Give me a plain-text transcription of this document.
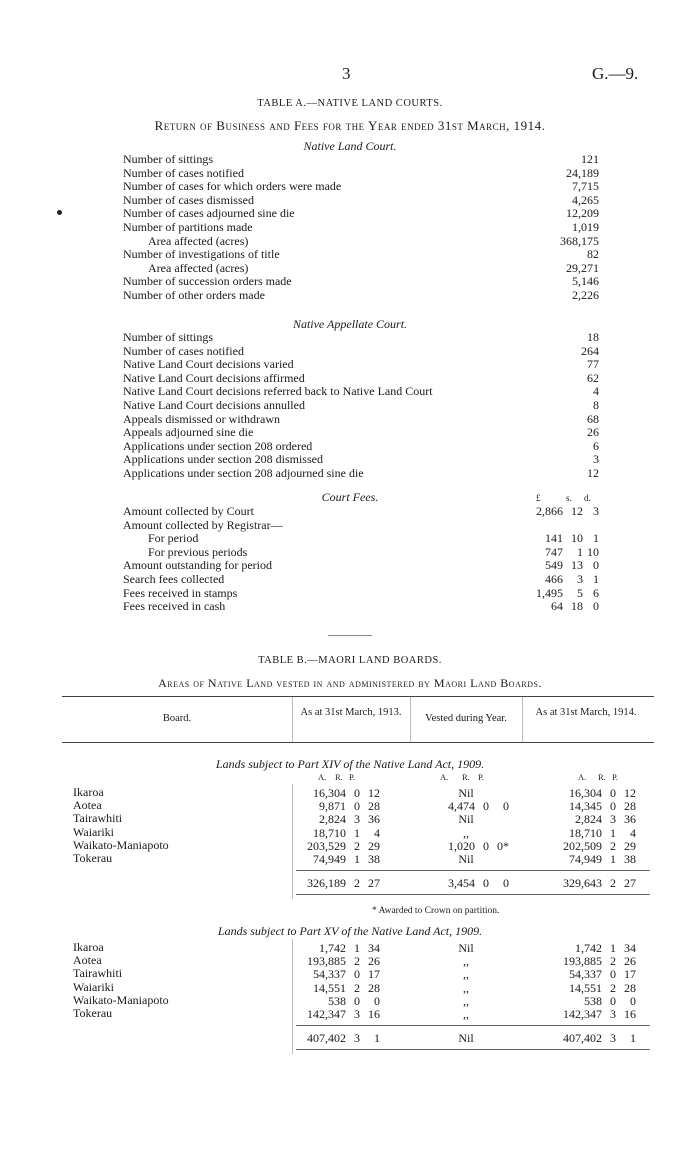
3	G.—9.
TABLE A.—NATIVE LAND COURTS.
Return of Business and Fees for the Year ended 31st March, 1914.
Native Land Court.
Number of sittings	121
Number of cases notified	24,189
Number of cases for which orders were made	7,715
Number of cases dismissed	4,265
Number of cases adjourned sine die	12,209
Number of partitions made	1,019
Area affected (acres)	368,175
Number of investigations of title	82
Area affected (acres)	29,271
Number of succession orders made	5,146
Number of other orders made	2,226
Native Appellate Court.
Number of sittings	18
Number of cases notified	264
Native Land Court decisions varied	77
Native Land Court decisions affirmed	62
Native Land Court decisions referred back to Native Land Court	4
Native Land Court decisions annulled	8
Appeals dismissed or withdrawn	68
Appeals adjourned sine die	26
Applications under section 208 ordered	6
Applications under section 208 dismissed	3
Applications under section 208 adjourned sine die	12
Court Fees.	£	s. d.
Amount collected by Court	2,866 12 3
Amount collected by Registrar—
For period	141 10 1
For previous periods	747 1 10
Amount outstanding for period	549 13 0
Search fees collected	466 3 1
Fees received in stamps	1,495 5 6
Fees received in cash	64 18 0
TABLE B.—MAORI LAND BOARDS.
Areas of Native Land vested in and administered by Maori Land Boards.
Board.
As at 31st March, 1913.
Vested during Year.
As at 31st March, 1914.
Lands subject to Part XIV of the Native Land Act, 1909.
A. R. P.	A. R. P.	A. R. P.
Ikaroa	16,304 0 12	Nil	16,304 0 12
Aotea	9,871 0 28	4,474 0 0	14,345 0 28
Tairawhiti	2,824 3 36	Nil	2,824 3 36
Waiariki	18,710 1 4	,,	18,710 1 4
Waikato-Maniapoto	203,529 2 29	1,020 0 0*	202,509 2 29
Tokerau	74,949 1 38	Nil	74,949 1 38
326,189 2 27	3,454 0 0	329,643 2 27
* Awarded to Crown on partition.
Lands subject to Part XV of the Native Land Act, 1909.
Ikaroa	1,742 1 34	Nil	1,742 1 34
Aotea	193,885 2 26	,,	193,885 2 26
Tairawhiti	54,337 0 17	,,	54,337 0 17
Waiariki	14,551 2 28	,,	14,551 2 28
Waikato-Maniapoto	538 0 0	,,	538 0 0
Tokerau	142,347 3 16	,,	142,347 3 16
407,402 3 1	Nil	407,402 3 1
